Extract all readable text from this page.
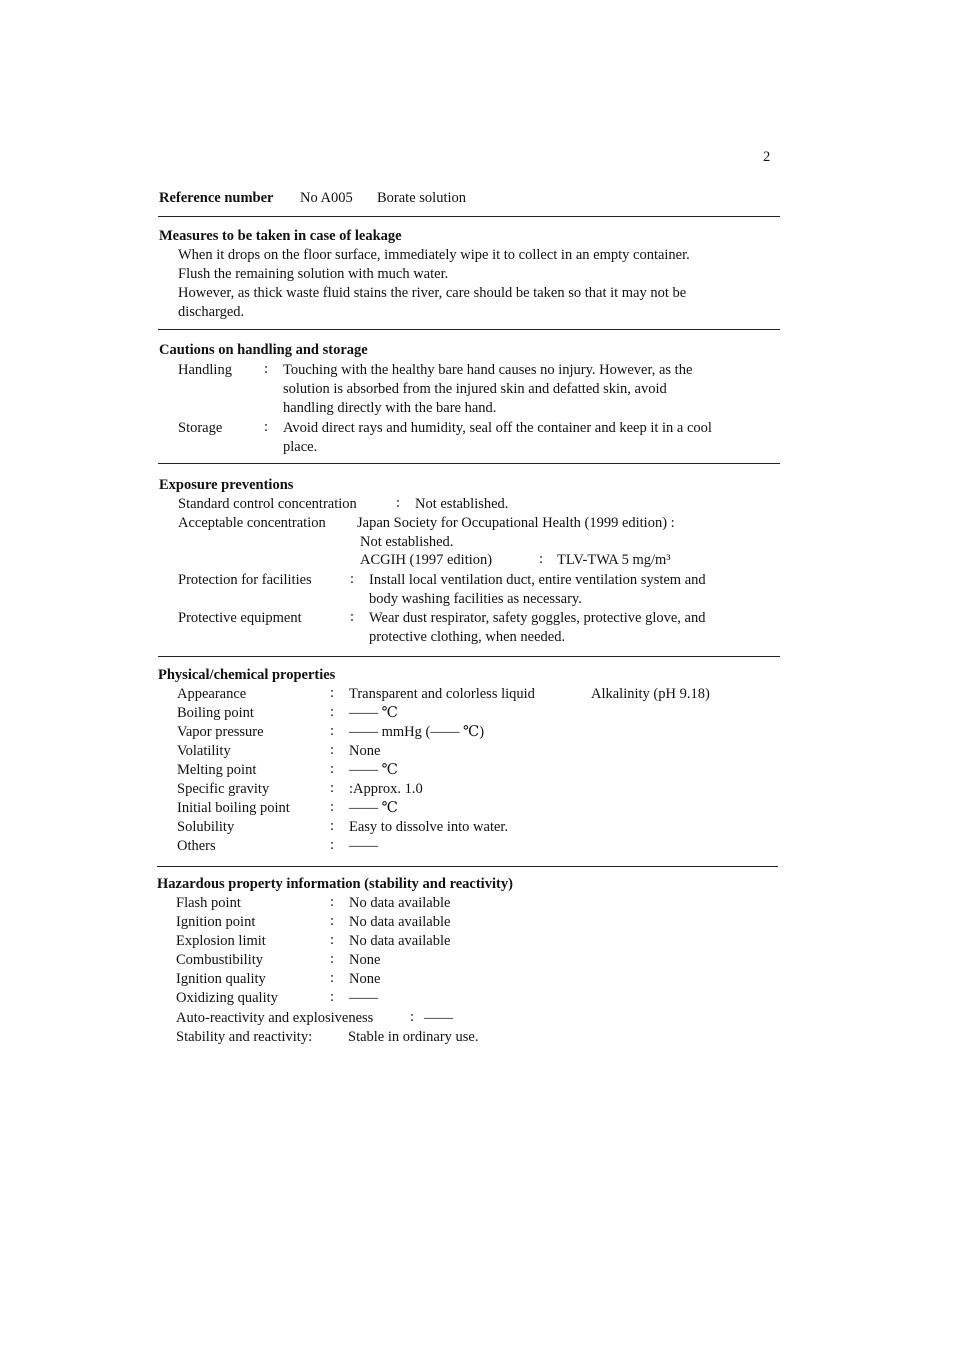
2
Reference number No A005 Borate solution
Measures to be taken in case of leakage
When it drops on the floor surface, immediately wipe it to collect in an empty container.
Flush the remaining solution with much water.
However, as thick waste fluid stains the river, care should be taken so that it may not be
discharged.
Cautions on handling and storage
Handling : Touching with the healthy bare hand causes no injury. However, as the
solution is absorbed from the injured skin and defatted skin, avoid
handling directly with the bare hand.
Storage	: Avoid direct rays and humidity, seal off the container and keep it in a cool
place.
Exposure preventions
Standard control concentration	: Not established.
Acceptable concentration Japan Society for Occupational Health (1999 edition) :
Not established.
ACGIH (1997 edition)	: TLV-TWA 5 mg/m³
Protection for facilities	: Install local ventilation duct, entire ventilation system and
body washing facilities as necessary.
Protective equipment	: Wear dust respirator, safety goggles, protective glove, and
protective clothing, when needed.
Physical/chemical properties
Appearance	: Transparent and colorless liquid	Alkalinity (pH 9.18)
Boiling point	: —— ℃
Vapor pressure	: —— mmHg (—— ℃)
Volatility	: None
Melting point	: —— ℃
Specific gravity	: :Approx. 1.0
Initial boiling point	: —— ℃
Solubility	: Easy to dissolve into water.
Others	: ——
Hazardous property information (stability and reactivity)
Flash point	: No data available
Ignition point	: No data available
Explosion limit	: No data available
Combustibility	: None
Ignition quality	: None
Oxidizing quality	: ——
Auto-reactivity and explosiveness	: ——
Stability and reactivity: Stable in ordinary use.
